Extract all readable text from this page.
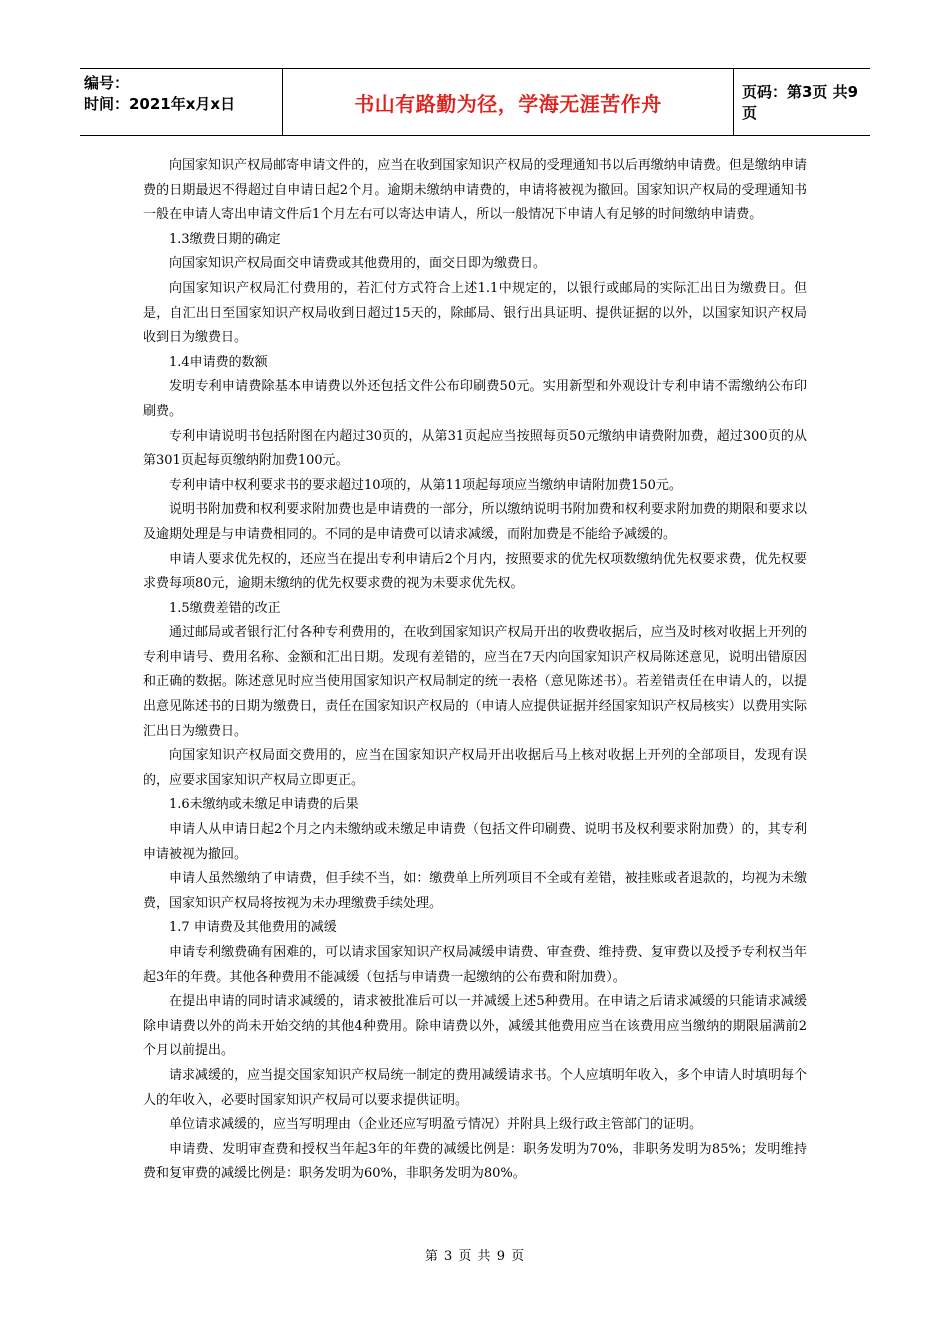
编号：
时间：2021年x月x日	书山有路勤为径，学海无涯苦作舟	页码：第3页 共9页

向国家知识产权局邮寄申请文件的，应当在收到国家知识产权局的受理通知书以后再缴纳申请费。但是缴纳申请费的日期最迟不得超过自申请日起2个月。逾期未缴纳申请费的，申请将被视为撤回。国家知识产权局的受理通知书一般在申请人寄出申请文件后1个月左右可以寄达申请人，所以一般情况下申请人有足够的时间缴纳申请费。

1.3缴费日期的确定

向国家知识产权局面交申请费或其他费用的，面交日即为缴费日。

向国家知识产权局汇付费用的，若汇付方式符合上述1.1中规定的，以银行或邮局的实际汇出日为缴费日。但是，自汇出日至国家知识产权局收到日超过15天的，除邮局、银行出具证明、提供证据的以外，以国家知识产权局收到日为缴费日。

1.4申请费的数额

发明专利申请费除基本申请费以外还包括文件公布印刷费50元。实用新型和外观设计专利申请不需缴纳公布印刷费。

专利申请说明书包括附图在内超过30页的，从第31页起应当按照每页50元缴纳申请费附加费，超过300页的从第301页起每页缴纳附加费100元。

专利申请中权利要求书的要求超过10项的，从第11项起每项应当缴纳申请附加费150元。

说明书附加费和权利要求附加费也是申请费的一部分，所以缴纳说明书附加费和权利要求附加费的期限和要求以及逾期处理是与申请费相同的。不同的是申请费可以请求减缓，而附加费是不能给予减缓的。

申请人要求优先权的，还应当在提出专利申请后2个月内，按照要求的优先权项数缴纳优先权要求费，优先权要求费每项80元，逾期未缴纳的优先权要求费的视为未要求优先权。

1.5缴费差错的改正

通过邮局或者银行汇付各种专利费用的，在收到国家知识产权局开出的收费收据后，应当及时核对收据上开列的专利申请号、费用名称、金额和汇出日期。发现有差错的，应当在7天内向国家知识产权局陈述意见，说明出错原因和正确的数据。陈述意见时应当使用国家知识产权局制定的统一表格（意见陈述书）。若差错责任在申请人的，以提出意见陈述书的日期为缴费日，责任在国家知识产权局的（申请人应提供证据并经国家知识产权局核实）以费用实际汇出日为缴费日。

向国家知识产权局面交费用的，应当在国家知识产权局开出收据后马上核对收据上开列的全部项目，发现有误的，应要求国家知识产权局立即更正。

1.6未缴纳或未缴足申请费的后果

申请人从申请日起2个月之内未缴纳或未缴足申请费（包括文件印刷费、说明书及权利要求附加费）的，其专利申请被视为撤回。

申请人虽然缴纳了申请费，但手续不当，如：缴费单上所列项目不全或有差错，被挂账或者退款的，均视为未缴费，国家知识产权局将按视为未办理缴费手续处理。

1.7 申请费及其他费用的减缓

申请专利缴费确有困难的，可以请求国家知识产权局减缓申请费、审查费、维持费、复审费以及授予专利权当年起3年的年费。其他各种费用不能减缓（包括与申请费一起缴纳的公布费和附加费）。

在提出申请的同时请求减缓的，请求被批准后可以一并减缓上述5种费用。在申请之后请求减缓的只能请求减缓除申请费以外的尚未开始交纳的其他4种费用。除申请费以外，减缓其他费用应当在该费用应当缴纳的期限届满前2个月以前提出。

请求减缓的，应当提交国家知识产权局统一制定的费用减缓请求书。个人应填明年收入，多个申请人时填明每个人的年收入，必要时国家知识产权局可以要求提供证明。

单位请求减缓的，应当写明理由（企业还应写明盈亏情况）并附具上级行政主管部门的证明。

申请费、发明审查费和授权当年起3年的年费的减缓比例是：职务发明为70%，非职务发明为85%；发明维持费和复审费的减缓比例是：职务发明为60%，非职务发明为80%。

第 3 页 共 9 页
